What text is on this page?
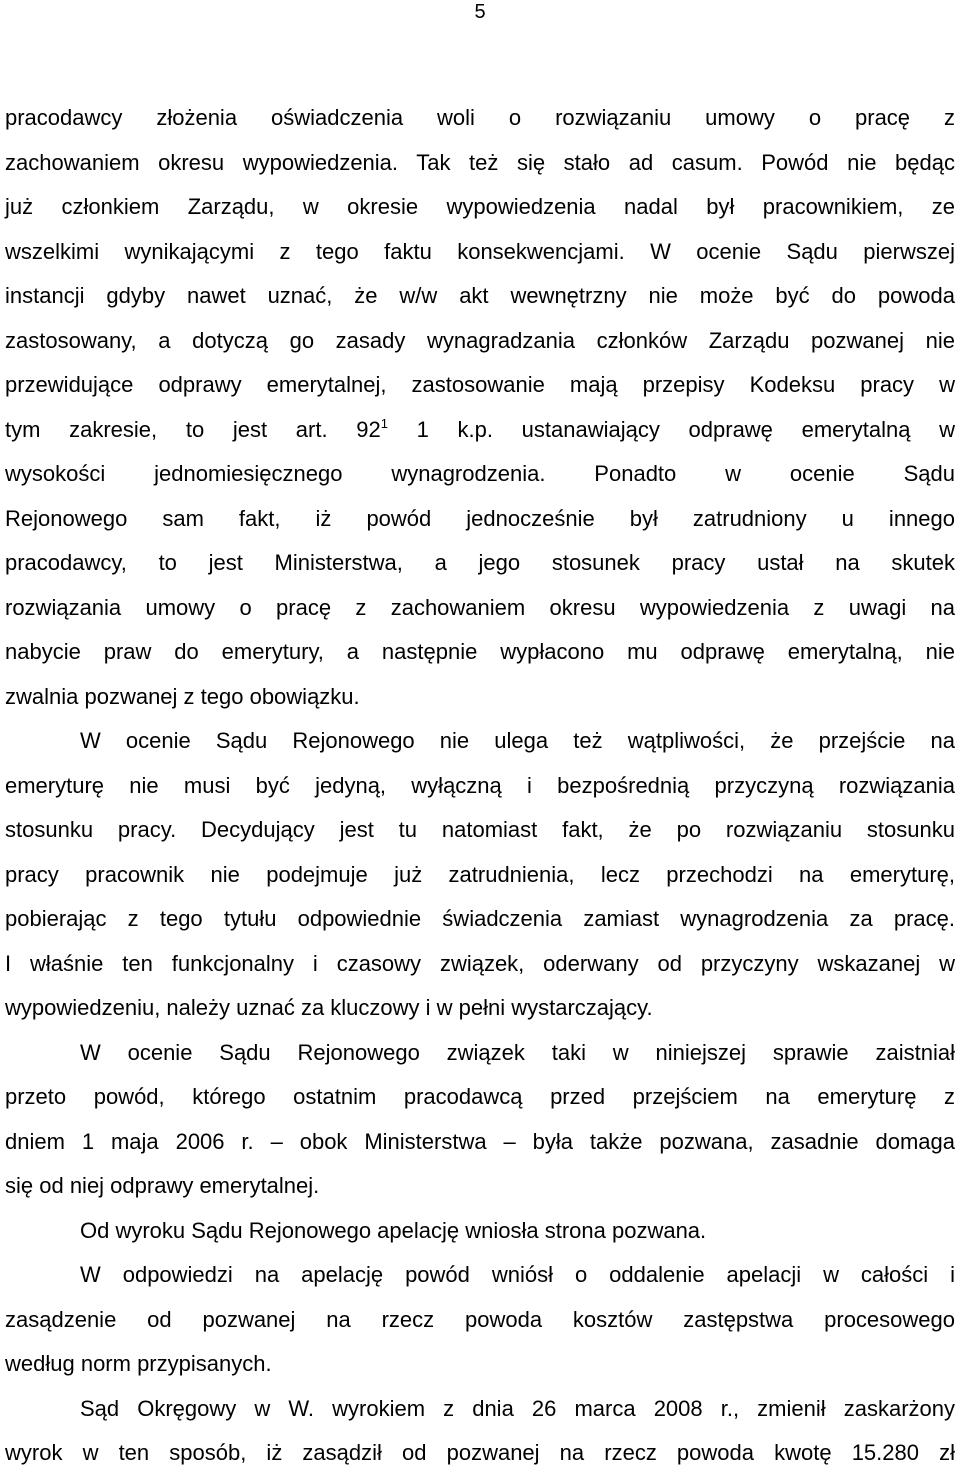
5
pracodawcy złożenia oświadczenia woli o rozwiązaniu umowy o pracę z
zachowaniem okresu wypowiedzenia. Tak też się stało ad casum. Powód nie będąc
już członkiem Zarządu, w okresie wypowiedzenia nadal był pracownikiem, ze
wszelkimi wynikającymi z tego faktu konsekwencjami. W ocenie Sądu pierwszej
instancji gdyby nawet uznać, że w/w akt wewnętrzny nie może być do powoda
zastosowany, a dotyczą go zasady wynagradzania członków Zarządu pozwanej nie
przewidujące odprawy emerytalnej, zastosowanie mają przepisy Kodeksu pracy w
tym zakresie, to jest art. $92^1$ 1 k.p. ustanawiający odprawę emerytalną w
wysokości jednomiesięcznego wynagrodzenia. Ponadto w ocenie Sądu
Rejonowego sam fakt, iż powód jednocześnie był zatrudniony u innego
pracodawcy, to jest Ministerstwa, a jego stosunek pracy ustał na skutek
rozwiązania umowy o pracę z zachowaniem okresu wypowiedzenia z uwagi na
nabycie praw do emerytury, a następnie wypłacono mu odprawę emerytalną, nie
zwalnia pozwanej z tego obowiązku.
W ocenie Sądu Rejonowego nie ulega też wątpliwości, że przejście na
emeryturę nie musi być jedyną, wyłączną i bezpośrednią przyczyną rozwiązania
stosunku pracy. Decydujący jest tu natomiast fakt, że po rozwiązaniu stosunku
pracy pracownik nie podejmuje już zatrudnienia, lecz przechodzi na emeryturę,
pobierając z tego tytułu odpowiednie świadczenia zamiast wynagrodzenia za pracę.
I właśnie ten funkcjonalny i czasowy związek, oderwany od przyczyny wskazanej w
wypowiedzeniu, należy uznać za kluczowy i w pełni wystarczający.
W ocenie Sądu Rejonowego związek taki w niniejszej sprawie zaistniał
przeto powód, którego ostatnim pracodawcą przed przejściem na emeryturę z
dniem 1 maja 2006 r. – obok Ministerstwa – była także pozwana, zasadnie domaga
się od niej odprawy emerytalnej.
Od wyroku Sądu Rejonowego apelację wniosła strona pozwana.
W odpowiedzi na apelację powód wniósł o oddalenie apelacji w całości i
zasądzenie od pozwanej na rzecz powoda kosztów zastępstwa procesowego
według norm przypisanych.
Sąd Okręgowy w W. wyrokiem z dnia 26 marca 2008 r., zmienił zaskarżony
wyrok w ten sposób, iż zasądził od pozwanej na rzecz powoda kwotę 15.280 zł
